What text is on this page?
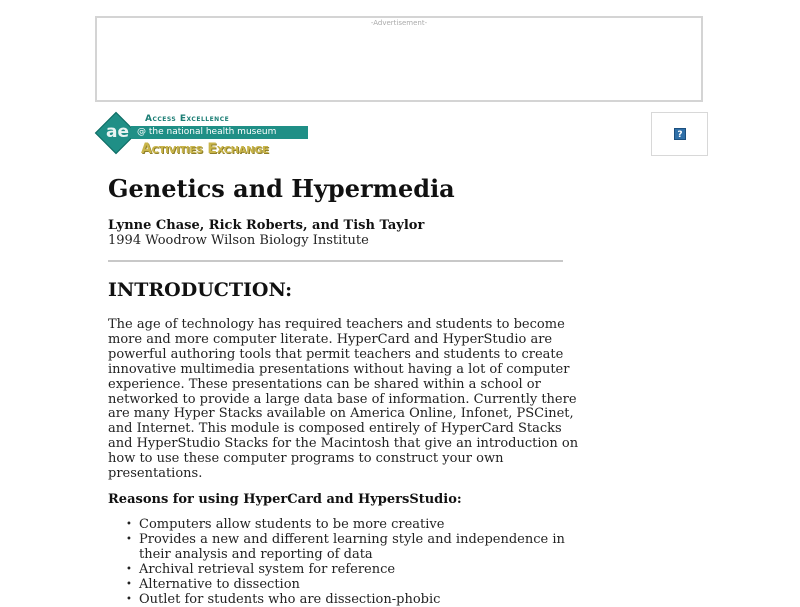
-Advertisement-
ae
Access Excellence
@ the national health museum
Activities Exchange
?
Genetics and Hypermedia
Lynne Chase, Rick Roberts, and Tish Taylor
1994 Woodrow Wilson Biology Institute
INTRODUCTION:

The age of technology has required teachers and students to become
more and more computer literate. HyperCard and HyperStudio are
powerful authoring tools that permit teachers and students to create
innovative multimedia presentations without having a lot of computer
experience. These presentations can be shared within a school or
networked to provide a large data base of information. Currently there
are many Hyper Stacks available on America Online, Infonet, PSCinet,
and Internet. This module is composed entirely of HyperCard Stacks
and HyperStudio Stacks for the Macintosh that give an introduction on
how to use these computer programs to construct your own
presentations.

Reasons for using HyperCard and HypersStudio:
• Computers allow students to be more creative
• Provides a new and different learning style and independence in
their analysis and reporting of data
• Archival retrieval system for reference
• Alternative to dissection
• Outlet for students who are dissection-phobic
